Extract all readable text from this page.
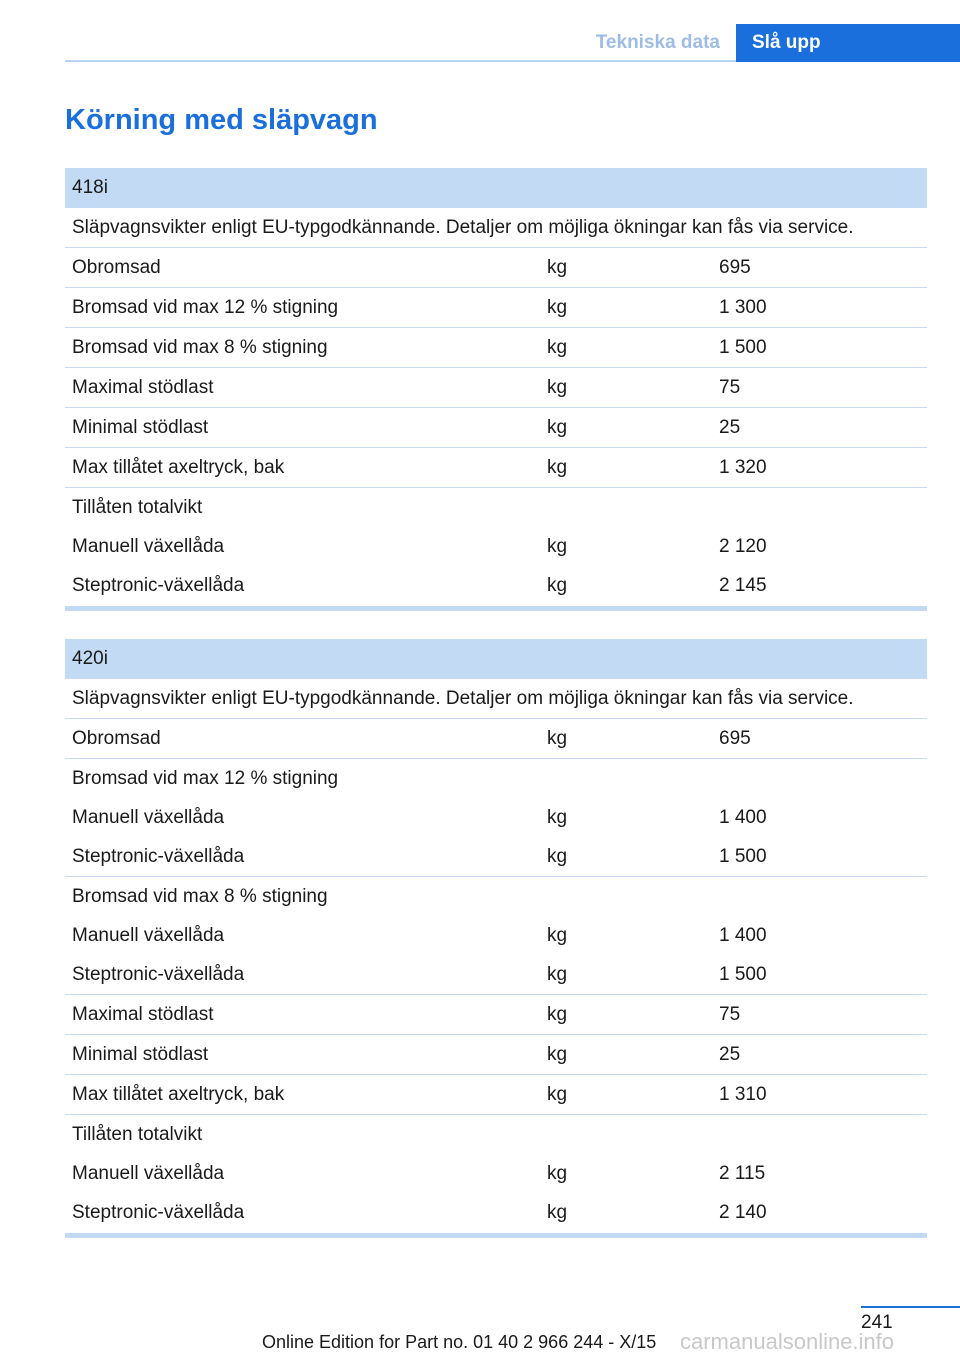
Tekniska data	Slå upp
Körning med släpvagn
418i
Släpvagnsvikter enligt EU-typgodkännande. Detaljer om möjliga ökningar kan fås via service.
Obromsad	kg	695
Bromsad vid max 12 % stigning	kg	1 300
Bromsad vid max 8 % stigning	kg	1 500
Maximal stödlast	kg	75
Minimal stödlast	kg	25
Max tillåtet axeltryck, bak	kg	1 320
Tillåten totalvikt
Manuell växellåda	kg	2 120
Steptronic-växellåda	kg	2 145
420i
Släpvagnsvikter enligt EU-typgodkännande. Detaljer om möjliga ökningar kan fås via service.
Obromsad	kg	695
Bromsad vid max 12 % stigning
Manuell växellåda	kg	1 400
Steptronic-växellåda	kg	1 500
Bromsad vid max 8 % stigning
Manuell växellåda	kg	1 400
Steptronic-växellåda	kg	1 500
Maximal stödlast	kg	75
Minimal stödlast	kg	25
Max tillåtet axeltryck, bak	kg	1 310
Tillåten totalvikt
Manuell växellåda	kg	2 115
Steptronic-växellåda	kg	2 140
241
Online Edition for Part no. 01 40 2 966 244 - X/15 carmanualsonline.info
